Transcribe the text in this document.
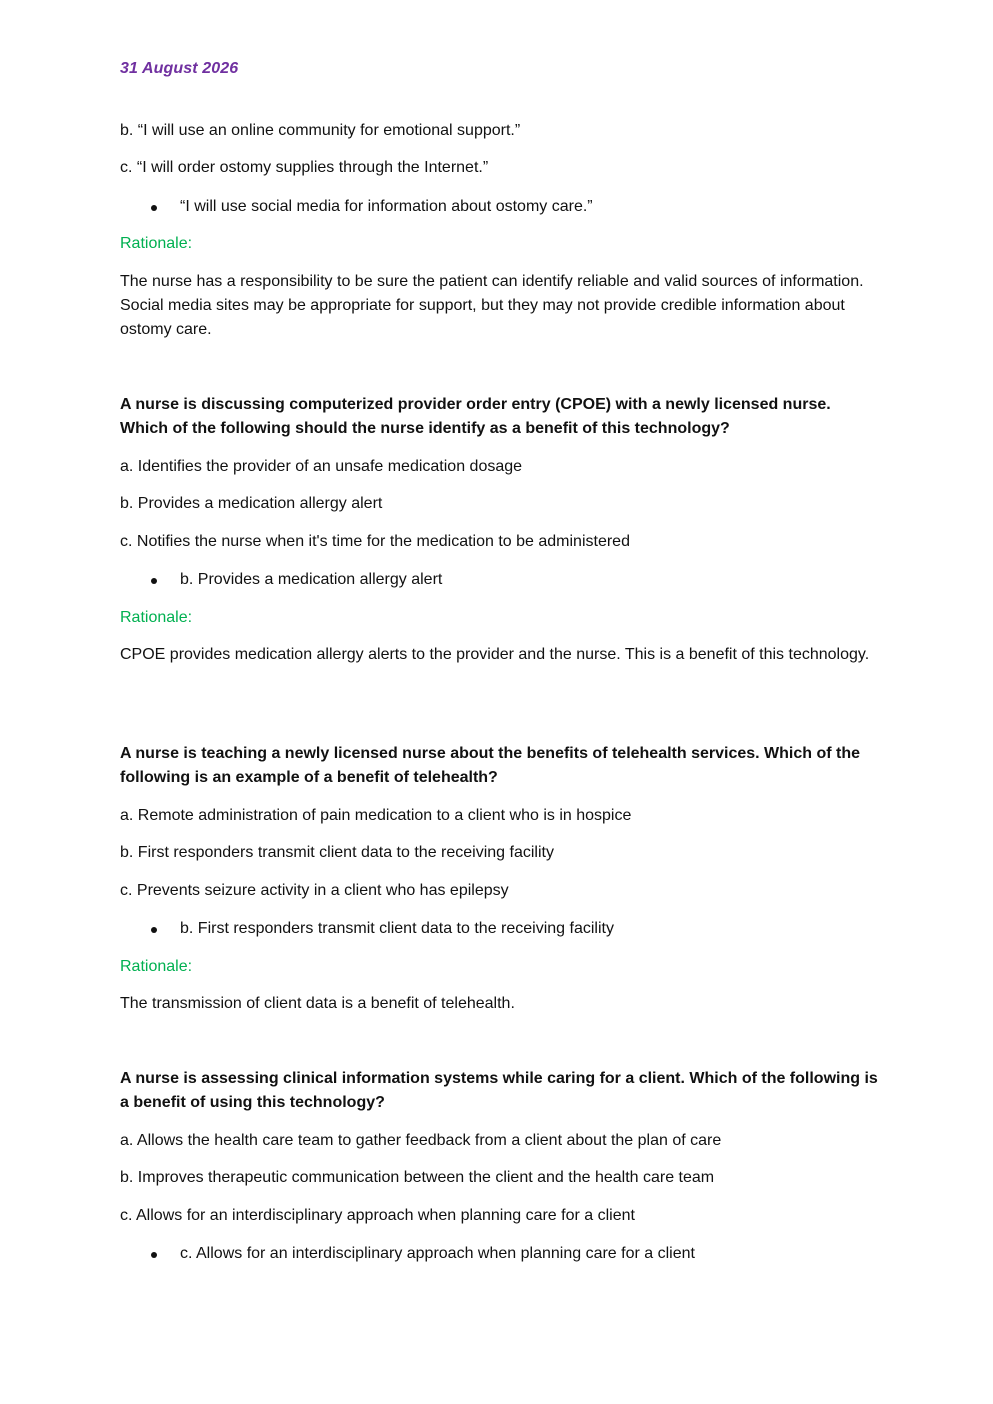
31 August 2026
b. “I will use an online community for emotional support.”
c. “I will order ostomy supplies through the Internet.”
“I will use social media for information about ostomy care.”
Rationale:
The nurse has a responsibility to be sure the patient can identify reliable and valid sources of information. Social media sites may be appropriate for support, but they may not provide credible information about ostomy care.
A nurse is discussing computerized provider order entry (CPOE) with a newly licensed nurse. Which of the following should the nurse identify as a benefit of this technology?
a. Identifies the provider of an unsafe medication dosage
b. Provides a medication allergy alert
c. Notifies the nurse when it's time for the medication to be administered
b. Provides a medication allergy alert
Rationale:
CPOE provides medication allergy alerts to the provider and the nurse. This is a benefit of this technology.
A nurse is teaching a newly licensed nurse about the benefits of telehealth services. Which of the following is an example of a benefit of telehealth?
a. Remote administration of pain medication to a client who is in hospice
b. First responders transmit client data to the receiving facility
c. Prevents seizure activity in a client who has epilepsy
b. First responders transmit client data to the receiving facility
Rationale:
The transmission of client data is a benefit of telehealth.
A nurse is assessing clinical information systems while caring for a client. Which of the following is a benefit of using this technology?
a. Allows the health care team to gather feedback from a client about the plan of care
b. Improves therapeutic communication between the client and the health care team
c. Allows for an interdisciplinary approach when planning care for a client
c. Allows for an interdisciplinary approach when planning care for a client
